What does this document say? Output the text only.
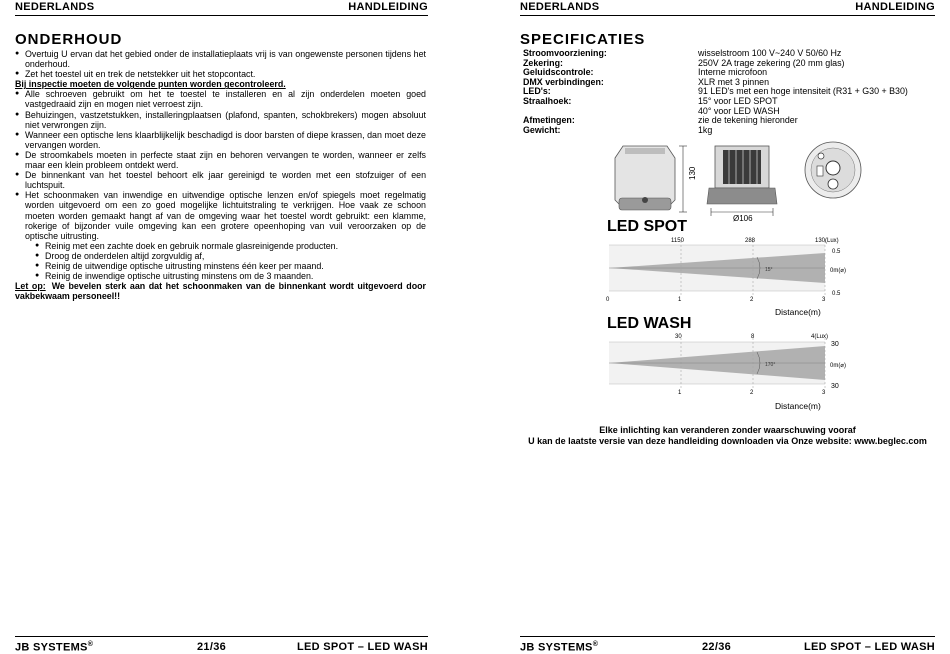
NEDERLANDS	HANDLEIDING
ONDERHOUD
● Overtuig U ervan dat het gebied onder de installatieplaats vrij is van ongewenste personen tijdens het onderhoud.
● Zet het toestel uit en trek de netstekker uit het stopcontact.
Bij inspectie moeten de volgende punten worden gecontroleerd.
● Alle schroeven gebruikt om het te toestel te installeren en al zijn onderdelen moeten goed vastgedraaid zijn en mogen niet verroest zijn.
● Behuizingen, vastzetstukken, installeringplaatsen (plafond, spanten, schokbrekers) mogen absoluut niet verwrongen zijn.
● Wanneer een optische lens klaarblijkelijk beschadigd is door barsten of diepe krassen, dan moet deze vervangen worden.
● De stroomkabels moeten in perfecte staat zijn en behoren vervangen te worden, wanneer er zelfs maar een klein probleem ontdekt werd.
● De binnenkant van het toestel behoort elk jaar gereinigd te worden met een stofzuiger of een luchtspuit.
● Het schoonmaken van inwendige en uitwendige optische lenzen en/of spiegels moet regelmatig worden uitgevoerd om een zo goed mogelijke lichtuitstraling te verkrijgen. Hoe vaak ze schoon moeten worden gemaakt hangt af van de omgeving waar het toestel wordt gebruikt: een klamme, rokerige of bijzonder vuile omgeving kan een grotere opeenhoping van vuil veroorzaken op de optische uitrusting.
● Reinig met een zachte doek en gebruik normale glasreinigende producten.
● Droog de onderdelen altijd zorgvuldig af,
● Reinig de uitwendige optische uitrusting minstens één keer per maand.
● Reinig de inwendige optische uitrusting minstens om de 3 maanden.
Let op: We bevelen sterk aan dat het schoonmaken van de binnenkant wordt uitgevoerd door vakbekwaam personeel!!
JB SYSTEMS®	21/36	LED SPOT – LED WASH
NEDERLANDS	HANDLEIDING
SPECIFICATIES
Stroomvoorziening:	wisselstroom 100 V~240 V 50/60 Hz
Zekering:	250V 2A trage zekering (20 mm glas)
Geluidscontrole:	Interne microfoon
DMX verbindingen:	XLR met 3 pinnen
LED's:	91 LED's met een hoge intensiteit (R31 + G30 + B30)
Straalhoek:	15° voor LED SPOT
40° voor LED WASH
Afmetingen:	zie de tekening hieronder
Gewicht:	1kg
130
Ø106
LED SPOT
15°
1150	288	130(Lux)
0.5
0m(⌀)
0.5
0	1	2	3
Distance(m)
LED WASH
170°
30	8	4(Lux)
30
0m(⌀)
30
1	2	3
Distance(m)
Elke inlichting kan veranderen zonder waarschuwing vooraf
U kan de laatste versie van deze handleiding downloaden via Onze website: www.beglec.com
JB SYSTEMS®	22/36	LED SPOT – LED WASH
